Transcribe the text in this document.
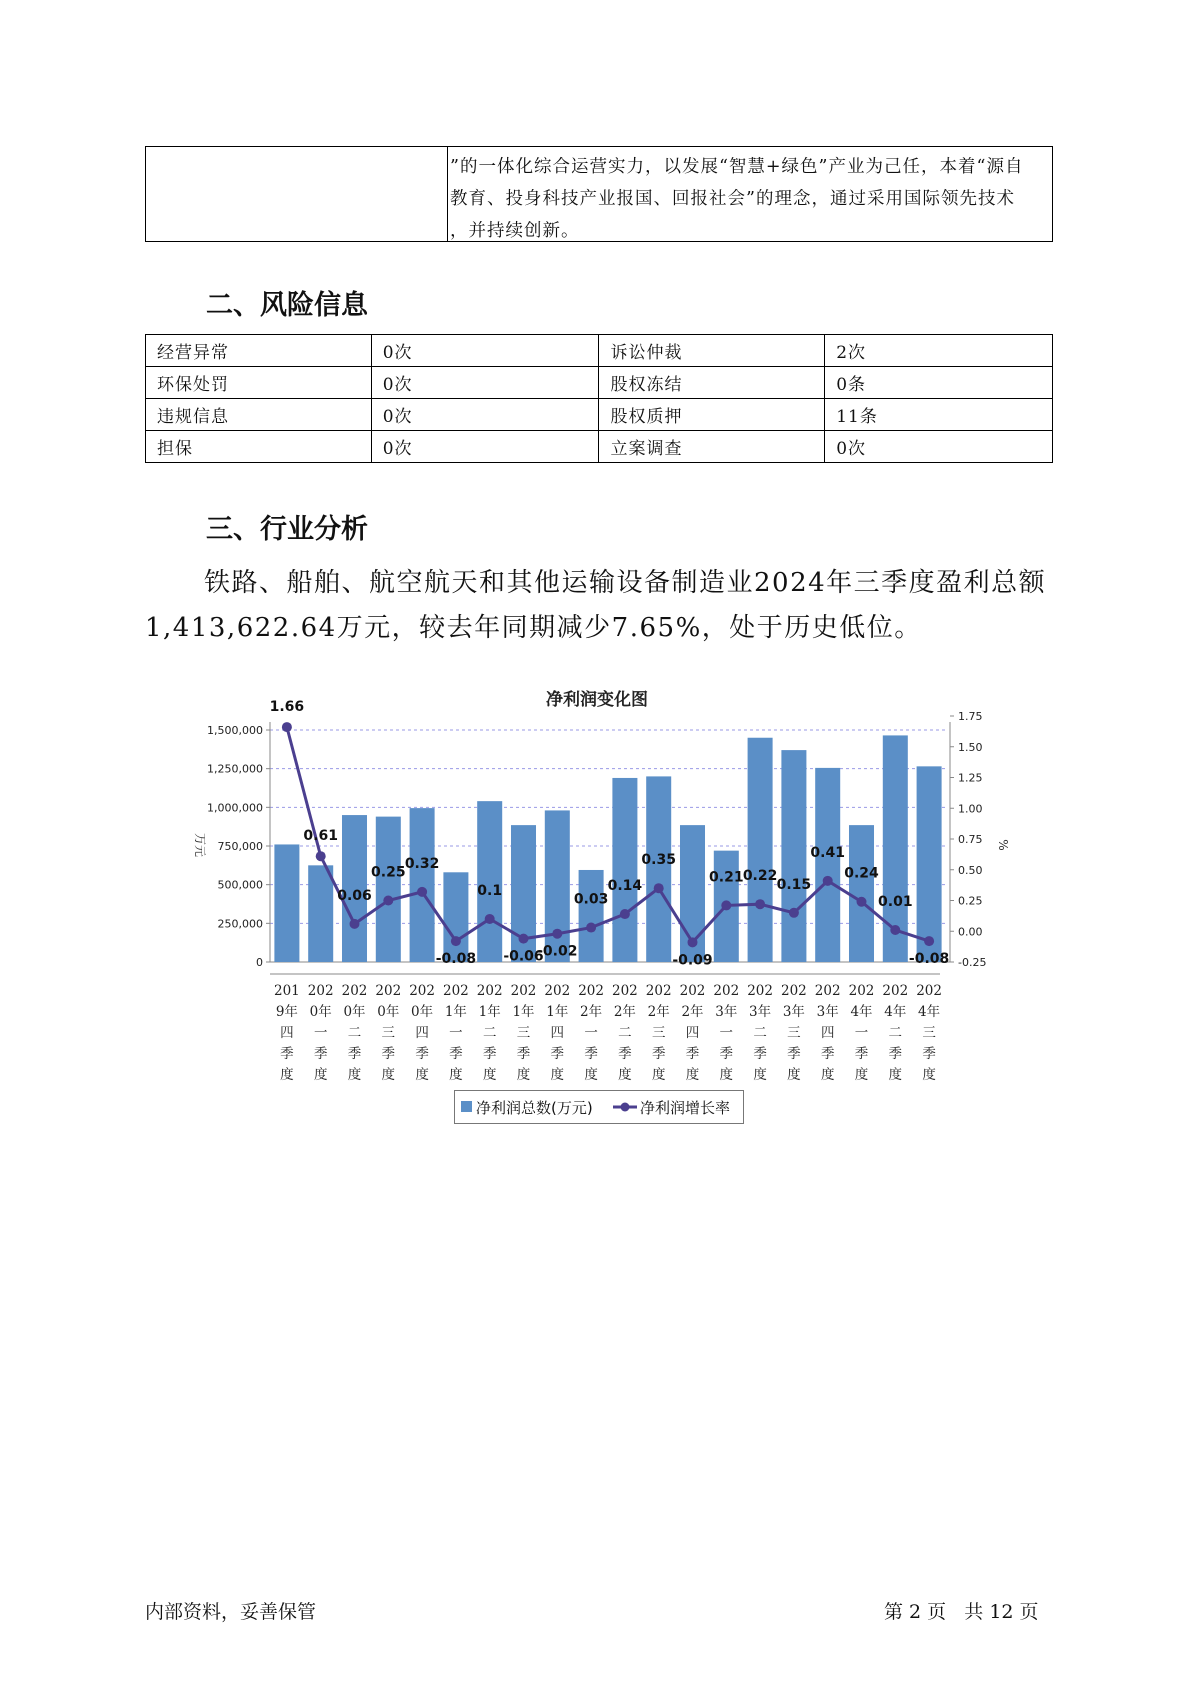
”的一体化综合运营实力，以发展“智慧+绿色”产业为己任，本着“源自
教育、投身科技产业报国、回报社会”的理念，通过采用国际领先技术
，并持续创新。
二、风险信息
经营异常	0次	诉讼仲裁	2次
环保处罚	0次	股权冻结	0条
违规信息	0次	股权质押	11条
担保	0次	立案调查	0次
三、行业分析
铁路、船舶、航空航天和其他运输设备制造业2024年三季度盈利总额
1,413,622.64万元，较去年同期减少7.65%，处于历史低位。
净利润变化图
万元	%
1,500,000
1,250,000
1,000,000
750,000
500,000
250,000
0
1.75
1.50
1.25
1.00
0.75
0.50
0.25
0.00
-0.25
1.66
0.61
0.06
0.25
0.32
-0.08
0.1
-0.06
-0.02
0.03
0.14
0.35
-0.09
0.21 0.22
0.15
0.41
0.24
0.01
-0.08
201
9年
四
季
度
202
0年
一
季
度
202
0年
二
季
度
202
0年
三
季
度
202
0年
四
季
度
202
1年
一
季
度
202
1年
二
季
度
202
1年
三
季
度
202
1年
四
季
度
202
2年
一
季
度
202
2年
二
季
度
202
2年
三
季
度
202
2年
四
季
度
202
3年
一
季
度
202
3年
二
季
度
202
3年
三
季
度
202
3年
四
季
度
202
4年
一
季
度
202
4年
二
季
度
202
4年
三
季
度
净利润总数(万元)	净利润增长率
内部资料，妥善保管	第 2 页   共 12 页
